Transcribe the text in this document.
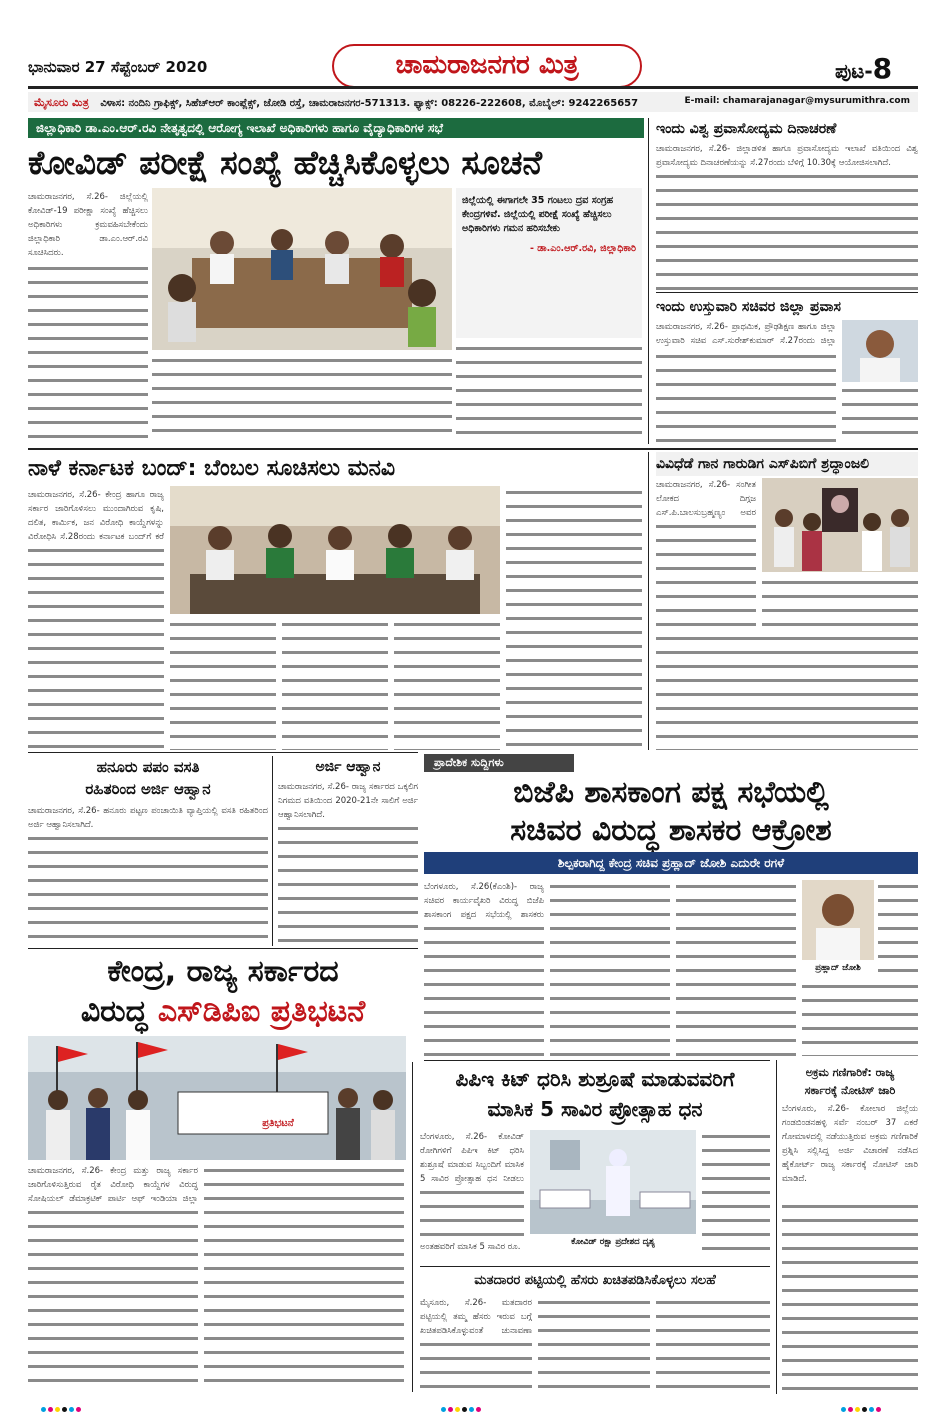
ಭಾನುವಾರ 27 ಸೆಪ್ಟೆಂಬರ್ 2020	ಚಾಮರಾಜನಗರ ಮಿತ್ರ	ಪುಟ-8
ಮೈಸೂರು ಮಿತ್ರ ವಿಳಾಸ: ನಂದಿನಿ ಗ್ರಾಫಿಕ್ಸ್, ಸಿಹೆಚ್‌ಆರ್ ಕಾಂಪ್ಲೆಕ್ಸ್, ಜೋಡಿ ರಸ್ತೆ, ಚಾಮರಾಜನಗರ-571313. ಫ್ಯಾಕ್ಸ್: 08226-222608, ಮೊಬೈಲ್: 9242265657	E-mail: chamarajanagar@mysurumithra.com
ಜಿಲ್ಲಾಧಿಕಾರಿ ಡಾ.ಎಂ.ಆರ್.ರವಿ ನೇತೃತ್ವದಲ್ಲಿ ಆರೋಗ್ಯ ಇಲಾಖೆ ಅಧಿಕಾರಿಗಳು ಹಾಗೂ ವೈದ್ಯಾಧಿಕಾರಿಗಳ ಸಭೆ
ಕೋವಿಡ್ ಪರೀಕ್ಷೆ ಸಂಖ್ಯೆ ಹೆಚ್ಚಿಸಿಕೊಳ್ಳಲು ಸೂಚನೆ
ಚಾಮರಾಜನಗರ, ಸೆ.26- ಜಿಲ್ಲೆಯಲ್ಲಿ ಕೋವಿಡ್-19 ಪರೀಕ್ಷಾ ಸಂಖ್ಯೆ ಹೆಚ್ಚಿಸಲು ಅಧಿಕಾರಿಗಳು ಕ್ರಮವಹಿಸಬೇಕೆಂದು ಜಿಲ್ಲಾಧಿಕಾರಿ ಡಾ.ಎಂ.ಆರ್.ರವಿ ಸೂಚಿಸಿದರು.
ಜಿಲ್ಲೆಯಲ್ಲಿ ಈಗಾಗಲೇ 35 ಗಂಟಲು ದ್ರವ ಸಂಗ್ರಹ ಕೇಂದ್ರಗಳಿವೆ. ಜಿಲ್ಲೆಯಲ್ಲಿ ಪರೀಕ್ಷೆ ಸಂಖ್ಯೆ ಹೆಚ್ಚಿಸಲು ಅಧಿಕಾರಿಗಳು ಗಮನ ಹರಿಸಬೇಕು
- ಡಾ.ಎಂ.ಆರ್.ರವಿ, ಜಿಲ್ಲಾಧಿಕಾರಿ
ಇಂದು ವಿಶ್ವ ಪ್ರವಾಸೋದ್ಯಮ ದಿನಾಚರಣೆ
ಚಾಮರಾಜನಗರ, ಸೆ.26- ಜಿಲ್ಲಾಡಳಿತ ಹಾಗೂ ಪ್ರವಾಸೋದ್ಯಮ ಇಲಾಖೆ ವತಿಯಿಂದ ವಿಶ್ವ ಪ್ರವಾಸೋದ್ಯಮ ದಿನಾಚರಣೆಯನ್ನು ಸೆ.27ರಂದು ಬೆಳಿಗ್ಗೆ 10.30ಕ್ಕೆ ಆಯೋಜಿಸಲಾಗಿದೆ.
ಇಂದು ಉಸ್ತುವಾರಿ ಸಚಿವರ ಜಿಲ್ಲಾ ಪ್ರವಾಸ
ಚಾಮರಾಜನಗರ, ಸೆ.26- ಪ್ರಾಥಮಿಕ, ಪ್ರೌಢಶಿಕ್ಷಣ ಹಾಗೂ ಜಿಲ್ಲಾ ಉಸ್ತುವಾರಿ ಸಚಿವ ಎಸ್.ಸುರೇಶ್‌ಕುಮಾರ್ ಸೆ.27ರಂದು ಜಿಲ್ಲಾ
ನಾಳೆ ಕರ್ನಾಟಕ ಬಂದ್: ಬೆಂಬಲ ಸೂಚಿಸಲು ಮನವಿ
ಚಾಮರಾಜನಗರ, ಸೆ.26- ಕೇಂದ್ರ ಹಾಗೂ ರಾಜ್ಯ ಸರ್ಕಾರ ಜಾರಿಗೊಳಿಸಲು ಮುಂದಾಗಿರುವ ಕೃಷಿ, ದಲಿತ, ಕಾರ್ಮಿಕ, ಜನ ವಿರೋಧಿ ಕಾಯ್ದೆಗಳನ್ನು ವಿರೋಧಿಸಿ ಸೆ.28ರಂದು ಕರ್ನಾಟಕ ಬಂದ್‌ಗೆ ಕರೆ
ವಿವಿಧೆಡೆ ಗಾನ ಗಾರುಡಿಗ ಎಸ್‌ಪಿಬಿಗೆ ಶ್ರದ್ಧಾಂಜಲಿ
ಚಾಮರಾಜನಗರ, ಸೆ.26- ಸಂಗೀತ ಲೋಕದ ದಿಗ್ಗಜ ಎಸ್.ಪಿ.ಬಾಲಸುಬ್ರಹ್ಮಣ್ಯಂ ಅವರ
ಹನೂರು ಪಪಂ ವಸತಿ
ರಹಿತರಿಂದ ಅರ್ಜಿ ಆಹ್ವಾನ
ಚಾಮರಾಜನಗರ, ಸೆ.26- ಹನೂರು ಪಟ್ಟಣ ಪಂಚಾಯಿತಿ ವ್ಯಾಪ್ತಿಯಲ್ಲಿ ವಸತಿ ರಹಿತರಿಂದ ಅರ್ಜಿ ಆಹ್ವಾನಿಸಲಾಗಿದೆ.
ಅರ್ಜಿ ಆಹ್ವಾನ
ಚಾಮರಾಜನಗರ, ಸೆ.26- ರಾಜ್ಯ ಸರ್ಕಾರದ ಒಕ್ಕಲಿಗ ನಿಗಮದ ವತಿಯಿಂದ 2020-21ನೇ ಸಾಲಿಗೆ ಅರ್ಜಿ ಆಹ್ವಾನಿಸಲಾಗಿದೆ.
ಪ್ರಾದೇಶಿಕ ಸುದ್ದಿಗಳು
ಬಿಜೆಪಿ ಶಾಸಕಾಂಗ ಪಕ್ಷ ಸಭೆಯಲ್ಲಿ
ಸಚಿವರ ವಿರುದ್ಧ ಶಾಸಕರ ಆಕ್ರೋಶ
ಶಿಲ್ಪಕರಾಗಿದ್ದ ಕೇಂದ್ರ ಸಚಿವ ಪ್ರಹ್ಲಾದ್ ಜೋಶಿ ಎದುರೇ ರಗಳೆ
ಬೆಂಗಳೂರು, ಸೆ.26(ಕೆಎಂಶಿ)- ರಾಜ್ಯ ಸಚಿವರ ಕಾರ್ಯವೈಖರಿ ವಿರುದ್ಧ ಬಿಜೆಪಿ ಶಾಸಕಾಂಗ ಪಕ್ಷದ ಸಭೆಯಲ್ಲಿ ಶಾಸಕರು
ಪ್ರಹ್ಲಾದ್ ಜೋಶಿ
ಕೇಂದ್ರ, ರಾಜ್ಯ ಸರ್ಕಾರದ
ವಿರುದ್ಧ ಎಸ್‌ಡಿಪಿಐ ಪ್ರತಿಭಟನೆ
ಪ್ರತಿಭಟನೆ
ಚಾಮರಾಜನಗರ, ಸೆ.26- ಕೇಂದ್ರ ಮತ್ತು ರಾಜ್ಯ ಸರ್ಕಾರ ಜಾರಿಗೊಳಿಸುತ್ತಿರುವ ರೈತ ವಿರೋಧಿ ಕಾಯ್ದೆಗಳ ವಿರುದ್ಧ ಸೋಷಿಯಲ್ ಡೆಮಾಕ್ರಟಿಕ್ ಪಾರ್ಟಿ ಆಫ್ ಇಂಡಿಯಾ ಜಿಲ್ಲಾ
ಪಿಪಿಇ ಕಿಟ್ ಧರಿಸಿ ಶುಶ್ರೂಷೆ ಮಾಡುವವರಿಗೆ
ಮಾಸಿಕ 5 ಸಾವಿರ ಪ್ರೋತ್ಸಾಹ ಧನ
ಬೆಂಗಳೂರು, ಸೆ.26- ಕೋವಿಡ್ ರೋಗಿಗಳಿಗೆ ಪಿಪಿಇ ಕಿಟ್ ಧರಿಸಿ ಶುಶ್ರೂಷೆ ಮಾಡುವ ಸಿಬ್ಬಂದಿಗೆ ಮಾಸಿಕ 5 ಸಾವಿರ ಪ್ರೋತ್ಸಾಹ ಧನ ನೀಡಲು
ಕೋವಿಡ್ ರಕ್ಷಾ ಪ್ರದೇಶದ ದೃಶ್ಯ
ಅಂತಹವರಿಗೆ ಮಾಸಿಕ 5 ಸಾವಿರ ರೂ.
ಅಕ್ರಮ ಗಣಿಗಾರಿಕೆ: ರಾಜ್ಯ
ಸರ್ಕಾರಕ್ಕೆ ನೋಟಿಸ್ ಜಾರಿ
ಬೆಂಗಳೂರು, ಸೆ.26- ಕೋಲಾರ ಜಿಲ್ಲೆಯ ಗಂಡಬಿಂಡನಹಳ್ಳಿ ಸರ್ವೆ ನಂಬರ್ 37 ಎಕರೆ ಗೋಮಾಳದಲ್ಲಿ ನಡೆಯುತ್ತಿರುವ ಅಕ್ರಮ ಗಣಿಗಾರಿಕೆ ಪ್ರಶ್ನಿಸಿ ಸಲ್ಲಿಸಿದ್ದ ಅರ್ಜಿ ವಿಚಾರಣೆ ನಡೆಸಿದ ಹೈಕೋರ್ಟ್ ರಾಜ್ಯ ಸರ್ಕಾರಕ್ಕೆ ನೋಟಿಸ್ ಜಾರಿ ಮಾಡಿದೆ.
ಮತದಾರರ ಪಟ್ಟಿಯಲ್ಲಿ ಹೆಸರು ಖಚಿತಪಡಿಸಿಕೊಳ್ಳಲು ಸಲಹೆ
ಮೈಸೂರು, ಸೆ.26- ಮತದಾರರ ಪಟ್ಟಿಯಲ್ಲಿ ತಮ್ಮ ಹೆಸರು ಇರುವ ಬಗ್ಗೆ ಖಚಿತಪಡಿಸಿಕೊಳ್ಳುವಂತೆ ಚುನಾವಣಾ
